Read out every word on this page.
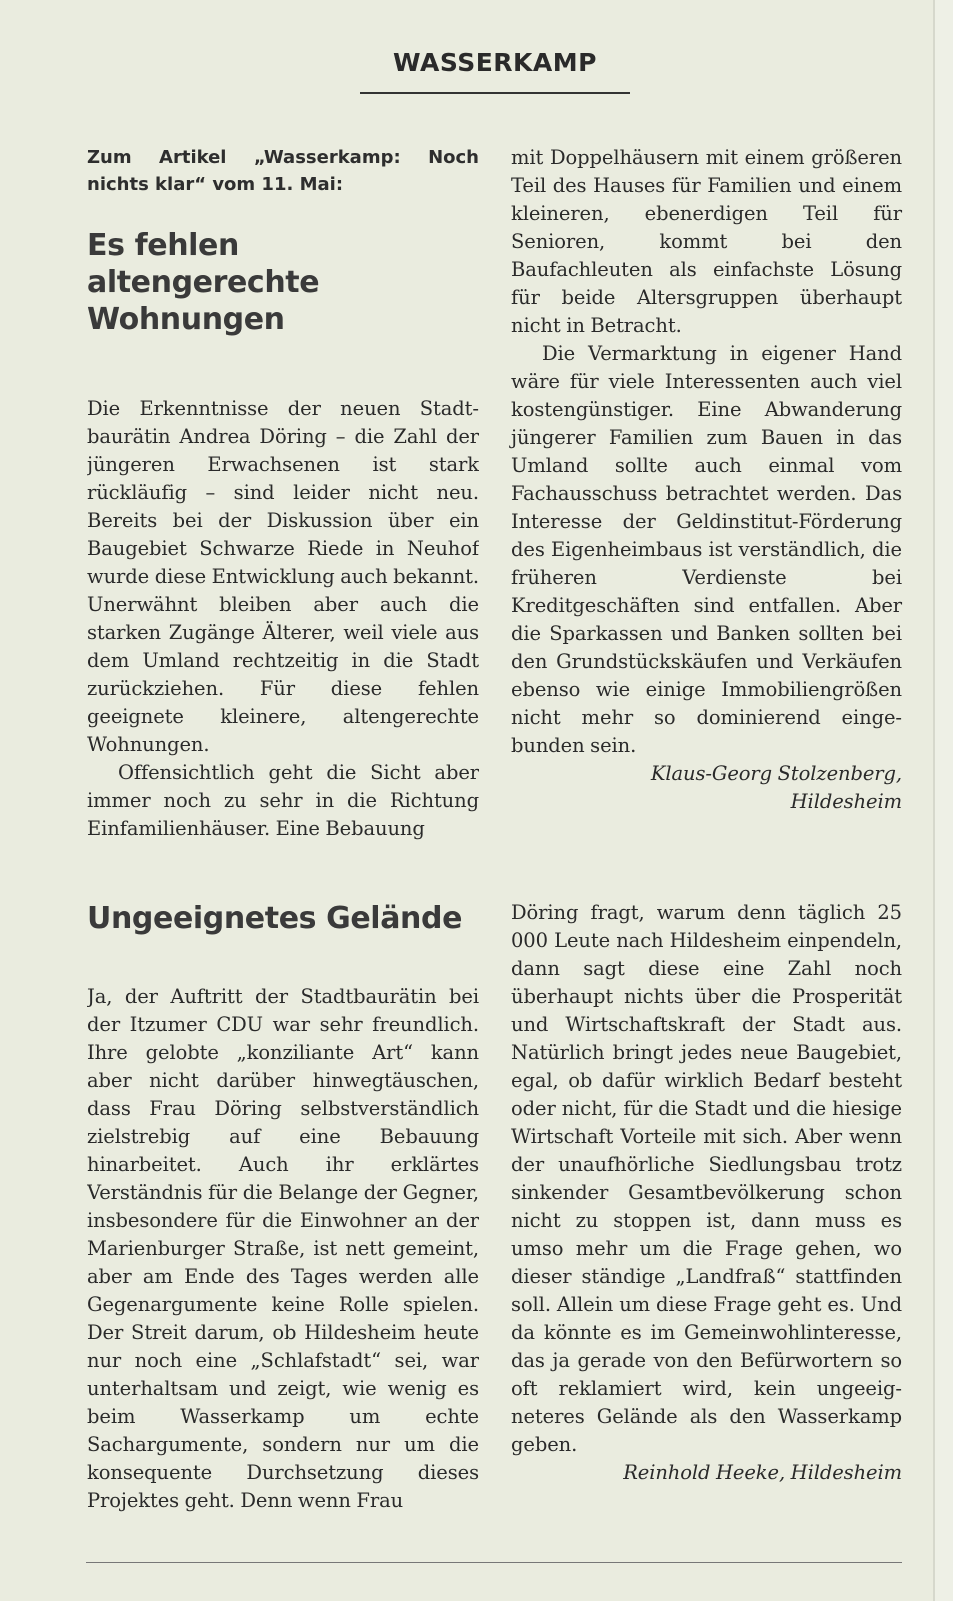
WASSERKAMP
Zum Artikel „Wasserkamp: Noch nichts klar“ vom 11. Mai:
Es fehlen
altengerechte
Wohnungen

Die Erkenntnisse der neuen Stadtbaurätin Andrea Döring – die Zahl der jüngeren Erwachsenen ist stark rückläufig – sind leider nicht neu. Bereits bei der Diskussion über ein Baugebiet Schwarze Riede in Neuhof wurde diese Entwicklung auch bekannt. Unerwähnt bleiben aber auch die starken Zugänge Älterer, weil viele aus dem Umland rechtzeitig in die Stadt zurückziehen. Für diese fehlen geeignete kleinere, altengerechte Wohnungen.

Offensichtlich geht die Sicht aber immer noch zu sehr in die Richtung Einfamilienhäuser. Eine Bebauung

mit Doppelhäusern mit einem größeren Teil des Hauses für Familien und einem kleineren, ebenerdigen Teil für Senioren, kommt bei den Baufachleuten als einfachste Lösung für beide Altersgruppen überhaupt nicht in Betracht.

Die Vermarktung in eigener Hand wäre für viele Interessenten auch viel kostengünstiger. Eine Abwanderung jüngerer Familien zum Bauen in das Umland sollte auch einmal vom Fachausschuss betrachtet werden. Das Interesse der Geldinstitut-Förderung des Eigenheimbaus ist verständlich, die früheren Verdienste bei Kreditgeschäften sind entfallen. Aber die Sparkassen und Banken sollten bei den Grundstückskäufen und Verkäufen ebenso wie einige Immobiliengrößen nicht mehr so dominierend eingebunden sein.

Klaus-Georg Stolzenberg,
Hildesheim

Ungeeignetes Gelände

Ja, der Auftritt der Stadtbaurätin bei der Itzumer CDU war sehr freundlich. Ihre gelobte „konziliante Art“ kann aber nicht darüber hinwegtäuschen, dass Frau Döring selbstverständlich zielstrebig auf eine Bebauung hinarbeitet. Auch ihr erklärtes Verständnis für die Belange der Gegner, insbesondere für die Einwohner an der Marienburger Straße, ist nett gemeint, aber am Ende des Tages werden alle Gegenargumente keine Rolle spielen. Der Streit darum, ob Hildesheim heute nur noch eine „Schlafstadt“ sei, war unterhaltsam und zeigt, wie wenig es beim Wasserkamp um echte Sachargumente, sondern nur um die konsequente Durchsetzung dieses Projektes geht. Denn wenn Frau

Döring fragt, warum denn täglich 25 000 Leute nach Hildesheim einpendeln, dann sagt diese eine Zahl noch überhaupt nichts über die Prosperität und Wirtschaftskraft der Stadt aus. Natürlich bringt jedes neue Baugebiet, egal, ob dafür wirklich Bedarf besteht oder nicht, für die Stadt und die hiesige Wirtschaft Vorteile mit sich. Aber wenn der unaufhörliche Siedlungsbau trotz sinkender Gesamtbevölkerung schon nicht zu stoppen ist, dann muss es umso mehr um die Frage gehen, wo dieser ständige „Landfraß“ stattfinden soll. Allein um diese Frage geht es. Und da könnte es im Gemeinwohlinteresse, das ja gerade von den Befürwortern so oft reklamiert wird, kein ungeeigneteres Gelände als den Wasserkamp geben.

Reinhold Heeke, Hildesheim
